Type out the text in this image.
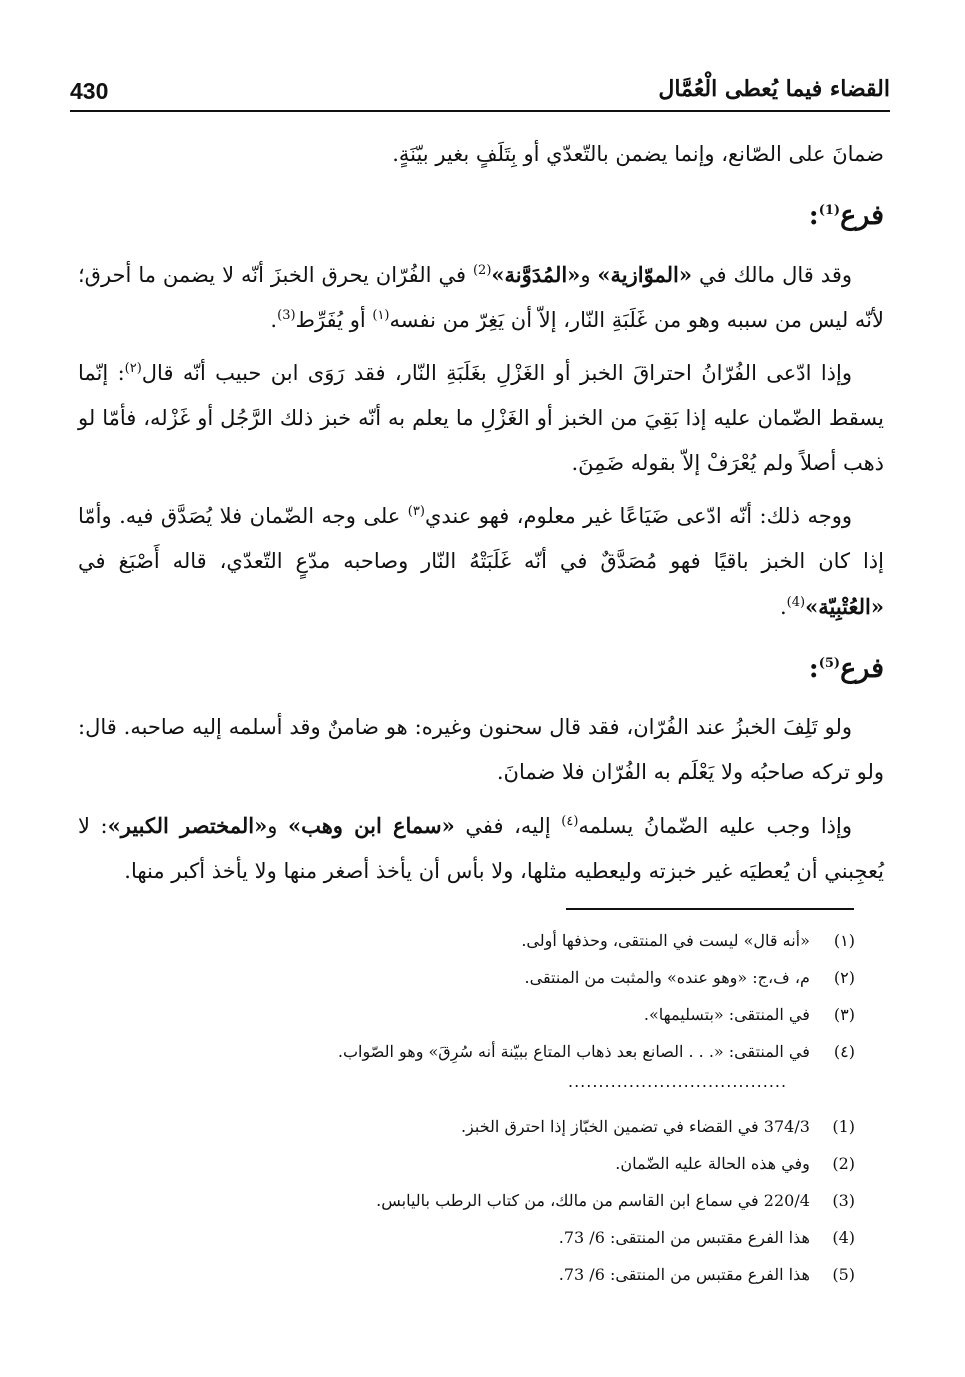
القضاء فيما يُعطى الْعُمَّال
430

ضمانَ على الصّانع، وإنما يضمن بالتّعدّي أو بِتَلَفٍ بغير بيّنَةٍ.

فرع$^{(1)}$:

وقد قال مالك في «الموّازية» و«المُدَوَّنة»$^{(2)}$ في الفُرّان يحرق الخبزَ أنّه لا يضمن ما أحرق؛ لأنّه ليس من سببه وهو من غَلَبَةِ النّار، إلاّ أن يَغِرّ من نفسه$^{(١)}$ أو يُفَرِّط$^{(3)}$.

وإذا ادّعى الفُرّانُ احتراقَ الخبز أو الغَزْلِ بغَلَبَةِ النّار، فقد رَوَى ابن حبيب أنّه قال$^{(٢)}$: إنّما يسقط الضّمان عليه إذا بَقِيَ من الخبز أو الغَزْلِ ما يعلم به أنّه خبز ذلك الرَّجُل أو غَزْله، فأمّا لو ذهب أصلاً ولم يُعْرَفْ إلاّ بقوله ضَمِنَ.

ووجه ذلك: أنّه ادّعى ضَيَاعًا غير معلوم، فهو عندي$^{(٣)}$ على وجه الضّمان فلا يُصَدَّق فيه. وأمّا إذا كان الخبز باقيًا فهو مُصَدَّقٌ في أنّه غَلَبَتْهُ النّار وصاحبه مدّعٍ التّعدّي، قاله أَصْبَغ في «العُتْبِيّة»$^{(4)}$.

فرع$^{(5)}$:

ولو تَلِفَ الخبزُ عند الفُرّان، فقد قال سحنون وغيره: هو ضامنٌ وقد أسلمه إليه صاحبه. قال: ولو تركه صاحبُه ولا يَعْلَم به الفُرّان فلا ضمانَ.

وإذا وجب عليه الضّمانُ يسلمه$^{(٤)}$ إليه، ففي «سماع ابن وهب» و«المختصر الكبير»: لا يُعجِبني أن يُعطيَه غير خبزته وليعطيه مثلها، ولا بأس أن يأخذ أصغر منها ولا يأخذ أكبر منها.

(١) «أنه قال» ليست في المنتقى، وحذفها أولى.
(٢) م، ف،ج: «وهو عنده» والمثبت من المنتقى.
(٣) في المنتقى: «بتسليمها».
(٤) في المنتقى: «. . . الصانع بعد ذهاب المتاع ببيّنة أنه سُرِقَ» وهو الصّواب.
....................................
(1) 374/3 في القضاء في تضمين الخبّاز إذا احترق الخبز.
(2) وفي هذه الحالة عليه الضّمان.
(3) 220/4 في سماع ابن القاسم من مالك، من كتاب الرطب باليابس.
(4) هذا الفرع مقتبس من المنتقى: 6/ 73.
(5) هذا الفرع مقتبس من المنتقى: 6/ 73.
